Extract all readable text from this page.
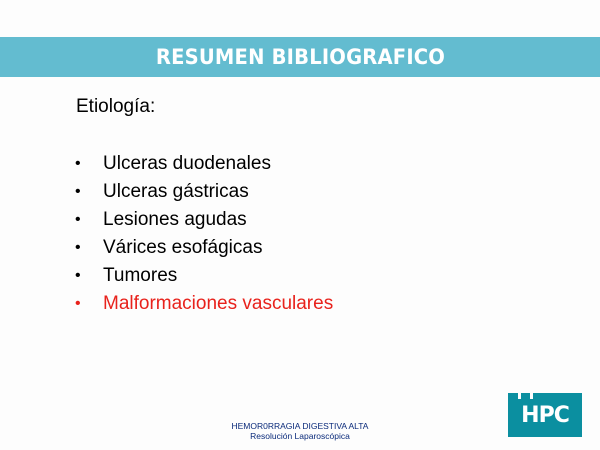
RESUMEN BIBLIOGRAFICO
Etiología:
•	Ulceras duodenales
•	Ulceras gástricas
•	Lesiones agudas
•	Várices esofágicas
•	Tumores
•	Malformaciones vasculares
HEMOR0RRAGIA DIGESTIVA ALTA
Resolución Laparoscópica
HPC
